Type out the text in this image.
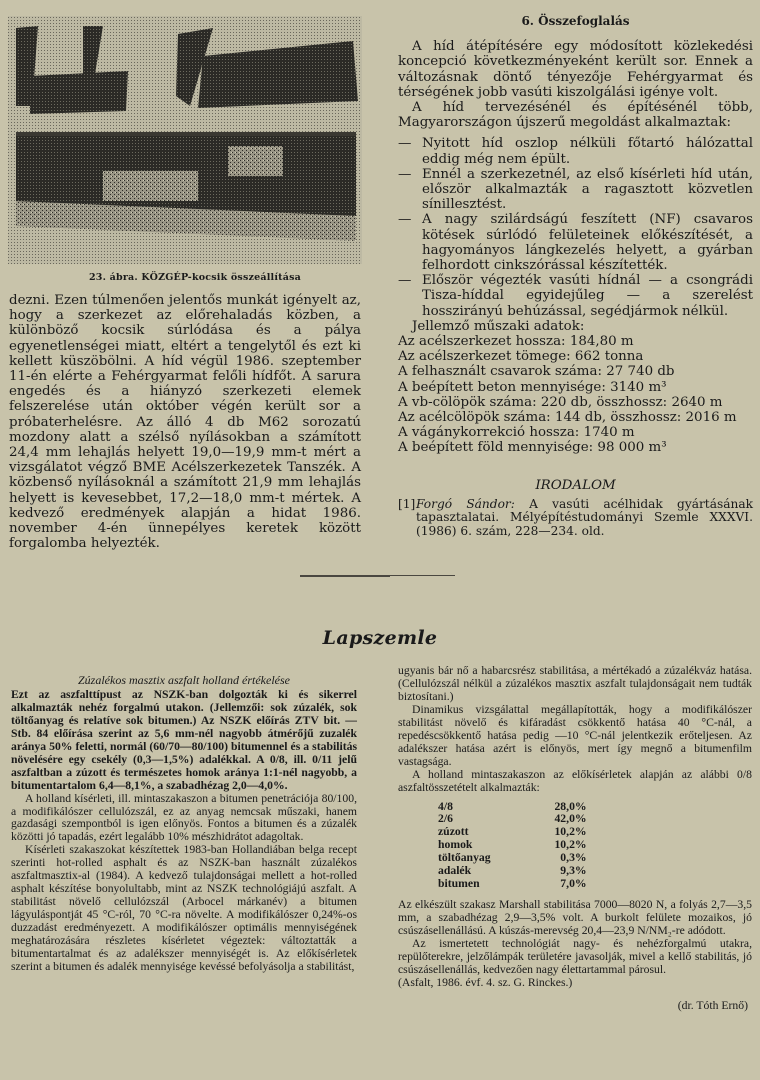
23. ábra. KÖZGÉP-kocsik összeállítása

dezni. Ezen túlmenően jelentős munkát igényelt az, hogy a szerkezet az előrehaladás közben, a különböző kocsik súrlódása és a pálya egyenetlenségei miatt, eltért a tengelytől és ezt ki kellett küszöbölni. A híd végül 1986. szeptember 11-én elérte a Fehérgyarmat felőli hídfőt. A sarura engedés és a hiányzó szerkezeti elemek felszerelése után október végén került sor a próbaterhelésre. Az álló 4 db M62 sorozatú mozdony alatt a szélső nyílásokban a számított 24,4 mm lehajlás helyett 19,0—19,9 mm-t mért a vizsgálatot végző BME Acélszerkezetek Tanszék. A közbenső nyílásoknál a számított 21,9 mm lehajlás helyett is kevesebbet, 17,2—18,0 mm-t mértek. A kedvező eredmények alapján a hidat 1986. november 4-én ünnepélyes keretek között forgalomba helyezték.

6. Összefoglalás

A híd átépítésére egy módosított közlekedési koncepció következményeként került sor. Ennek a változásnak döntő tényezője Fehérgyarmat és térségének jobb vasúti kiszolgálási igénye volt.

A híd tervezésénél és építésénél több, Magyarországon újszerű megoldást alkalmaztak:

— Nyitott híd oszlop nélküli főtartó hálózattal eddig még nem épült.

— Ennél a szerkezetnél, az első kísérleti híd után, először alkalmazták a ragasztott közvetlen sínillesztést.

— A nagy szilárdságú feszített (NF) csavaros kötések súrlódó felületeinek előkészítését, a hagyományos lángkezelés helyett, a gyárban felhordott cinkszórással készítették.

— Először végezték vasúti hídnál — a csongrádi Tisza-híddal egyidejűleg — a szerelést hosszirányú behúzással, segédjármok nélkül.

Jellemző műszaki adatok:

Az acélszerkezet hossza: 184,80 m

Az acélszerkezet tömege: 662 tonna

A felhasznált csavarok száma: 27 740 db

A beépített beton mennyisége: 3140 m³

A vb-cölöpök száma: 220 db, összhossz: 2640 m

Az acélcölöpök száma: 144 db, összhossz: 2016 m

A vágánykorrekció hossza: 1740 m

A beépített föld mennyisége: 98 000 m³

IRODALOM

[1] Forgó Sándor: A vasúti acélhidak gyártásának tapasztalatai. Mélyépítéstudományi Szemle XXXVI. (1986) 6. szám, 228—234. old.

Lapszemle

Zúzalékos masztix aszfalt holland értékelése

Ezt az aszfalttípust az NSZK-ban dolgozták ki és sikerrel alkalmazták nehéz forgalmú utakon. (Jellemzői: sok zúzalék, sok töltőanyag és relatíve sok bitumen.) Az NSZK előírás ZTV bit. — Stb. 84 előírása szerint az 5,6 mm-nél nagyobb átmérőjű zuzalék aránya 50% feletti, normál (60/70—80/100) bitumennel és a stabilitás növelésére egy csekély (0,3—1,5%) adalékkal. A 0/8, ill. 0/11 jelű aszfaltban a zúzott és természetes homok aránya 1:1-nél nagyobb, a bitumentartalom 6,4—8,1%, a szabadhézag 2,0—4,0%.

A holland kísérleti, ill. mintaszakaszon a bitumen penetrációja 80/100, a modifikálószer cellulózszál, ez az anyag nemcsak műszaki, hanem gazdasági szempontból is igen előnyös. Fontos a bitumen és a zúzalék közötti jó tapadás, ezért legalább 10% mészhidrátot adagoltak.

Kísérleti szakaszokat készítettek 1983-ban Hollandiában belga recept szerinti hot-rolled asphalt és az NSZK-ban használt zúzalékos aszfaltmasztix-al (1984). A kedvező tulajdonságai mellett a hot-rolled asphalt készítése bonyolultabb, mint az NSZK technológiájú aszfalt. A stabilitást növelő cellulózszál (Arbocel márkanév) a bitumen lágyuláspontját 45 °C-ról, 70 °C-ra növelte. A modifikálószer 0,24%-os duzzadást eredményezett. A modifikálószer optimális mennyiségének meghatározására részletes kísérletet végeztek: változtatták a bitumentartalmat és az adalékszer mennyiségét is. Az előkísérletek szerint a bitumen és adalék mennyisége kevéssé befolyásolja a stabilitást,

ugyanis bár nő a habarcsrész stabilitása, a mértékadó a zúzalékváz hatása. (Cellulózszál nélkül a zúzalékos masztix aszfalt tulajdonságait nem tudták biztosítani.)

Dinamikus vizsgálattal megállapították, hogy a modifikálószer stabilitást növelő és kifáradást csökkentő hatása 40 °C-nál, a repedéscsökkentő hatása pedig —10 °C-nál jelentkezik erőteljesen. Az adalékszer hatása azért is előnyös, mert így megnő a bitumenfilm vastagsága.

A holland mintaszakaszon az előkísérletek alapján az alábbi 0/8 aszfaltösszetételt alkalmazták:

4/8	28,0%
2/6	42,0%
zúzott	10,2%
homok	10,2%
töltőanyag	0,3%
adalék	9,3%
bitumen	7,0%

Az elkészült szakasz Marshall stabilitása 7000—8020 N, a folyás 2,7—3,5 mm, a szabadhézag 2,9—3,5% volt. A burkolt felülete mozaikos, jó csúszásellenállású. A kúszás-merevség 20,4—23,9 N/NM₂-re adódott.

Az ismertetett technológiát nagy- és nehézforgalmú utakra, repülőterekre, jelzőlámpák területére javasolják, mivel a kellő stabilitás, jó csúszásellenállás, kedvezően nagy élettartammal párosul.

(Asfalt, 1986. évf. 4. sz. G. Rinckes.)

(dr. Tóth Ernő)
